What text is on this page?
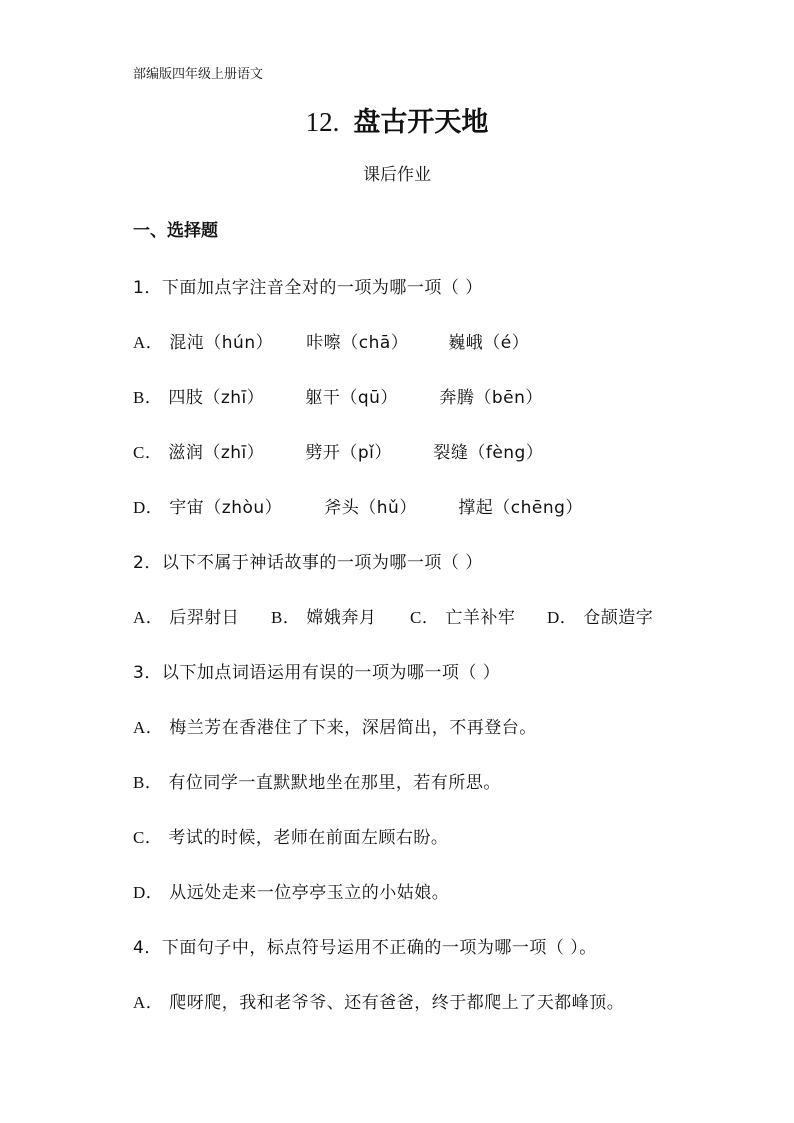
部编版四年级上册语文
12. 盘古开天地
课后作业
一、选择题
1．下面加点字注音全对的一项为哪一项（ ）
A． 混沌（hún） 咔嚓（chā） 巍峨（é）
B． 四肢（zhī） 躯干（qū） 奔腾（bēn）
C． 滋润（zhī） 劈开（pǐ） 裂缝（fèng）
D． 宇宙（zhòu） 斧头（hǔ） 撑起（chēng）
2．以下不属于神话故事的一项为哪一项（ ）
A． 后羿射日 B． 嫦娥奔月 C． 亡羊补牢 D． 仓颉造字
3．以下加点词语运用有误的一项为哪一项（ ）
A． 梅兰芳在香港住了下来，深居简出，不再登台。
B． 有位同学一直默默地坐在那里，若有所思。
C． 考试的时候，老师在前面左顾右盼。
D． 从远处走来一位亭亭玉立的小姑娘。
4．下面句子中，标点符号运用不正确的一项为哪一项（ ）。
A． 爬呀爬，我和老爷爷、还有爸爸，终于都爬上了天都峰顶。
